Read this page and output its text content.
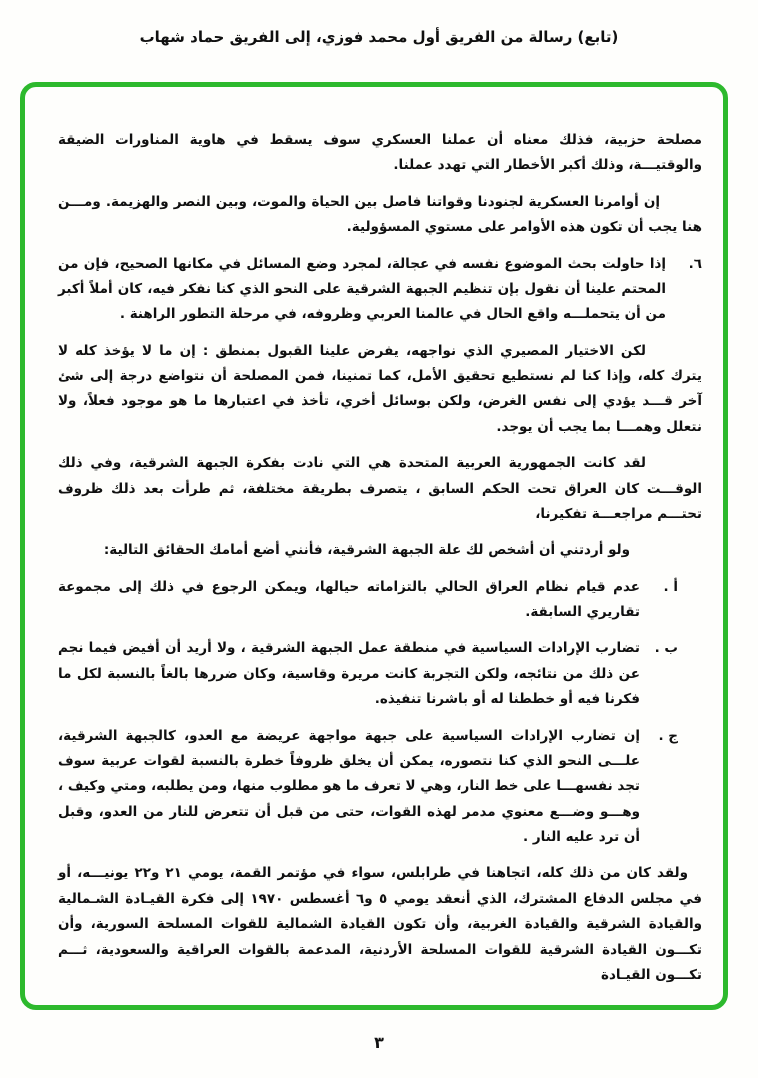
(تابع) رسالة من الفريق أول محمد فوزي، إلى الفريق حماد شهاب

مصلحة حزبية، فذلك معناه أن عملنا العسكري سوف يسقط في هاوية المناورات الضيقة والوقتيـــة، وذلك أكبر الأخطار التي تهدد عملنا.

إن أوامرنا العسكرية لجنودنا وقواتنا فاصل بين الحياة والموت، وبين النصر والهزيمة. ومـــن هنا يجب أن تكون هذه الأوامر على مستوي المسؤولية.

٦.
إذا حاولت بحث الموضوع نفسه في عجالة، لمجرد وضع المسائل في مكانها الصحيح، فإن من المحتم علينا أن نقول بإن تنظيم الجبهة الشرقية على النحو الذي كنا نفكر فيه، كان أملاً أكبر من أن يتحملـــه واقع الحال في عالمنا العربي وظروفه، في مرحلة التطور الراهنة .

لكن الاختيار المصيري الذي نواجهه، يفرض علينا القبول بمنطق : إن ما لا يؤخذ كله لا يترك كله، وإذا كنا لم نستطيع تحقيق الأمل، كما تمنينا، فمن المصلحة أن نتواضع درجة إلى شئ آخر قـــد يؤدي إلى نفس الغرض، ولكن بوسائل أخري، تأخذ في اعتبارها ما هو موجود فعلاً، ولا نتعلل وهمـــا بما يجب أن يوجد.

لقد كانت الجمهورية العربية المتحدة هي التي نادت بفكرة الجبهة الشرقية، وفي ذلك الوقـــت كان العراق تحت الحكم السابق ، يتصرف بطريقة مختلفة، ثم طرأت بعد ذلك ظروف تحتـــم مراجعـــة تفكيرنا،

ولو أردتني أن أشخص لك علة الجبهة الشرقية، فأنني أضع أمامك الحقائق التالية:

أ .
عدم قيام نظام العراق الحالي بالتزاماته حيالها، ويمكن الرجوع في ذلك إلى مجموعة تقاريري السابقة.
ب .
تضارب الإرادات السياسية في منطقة عمل الجبهة الشرقية ، ولا أريد أن أفيض فيما نجم عن ذلك من نتائجه، ولكن التجربة كانت مريرة وقاسية، وكان ضررها بالغاً بالنسبة لكل ما فكرنا فيه أو خططنا له أو باشرنا تنفيذه.
ج .
إن تضارب الإرادات السياسية على جبهة مواجهة عريضة مع العدو، كالجبهة الشرقية، علـــى النحو الذي كنا نتصوره، يمكن أن يخلق ظروفاً خطرة بالنسبة لقوات عربية سوف تجد نفسهـــا على خط النار، وهي لا تعرف ما هو مطلوب منها، ومن يطلبه، ومتي وكيف ، وهـــو وضـــع معنوي مدمر لهذه القوات، حتى من قبل أن تتعرض للنار من العدو، وقبل أن ترد عليه النار .

ولقد كان من ذلك كله، اتجاهنا في طرابلس، سواء في مؤتمر القمة، يومي ٢١ و٢٢ يونيـــه، أو في مجلس الدفاع المشترك، الذي أنعقد يومي ٥ و٦ أغسطس ١٩٧٠ إلى فكرة القيـادة الشـمالية والقيادة الشرقية والقيادة الغربية، وأن تكون القيادة الشمالية للقوات المسلحة السورية، وأن تكـــون القيادة الشرقية للقوات المسلحة الأردنية، المدعمة بالقوات العراقية والسعودية، ثـــم تكـــون القيـادة

٣
